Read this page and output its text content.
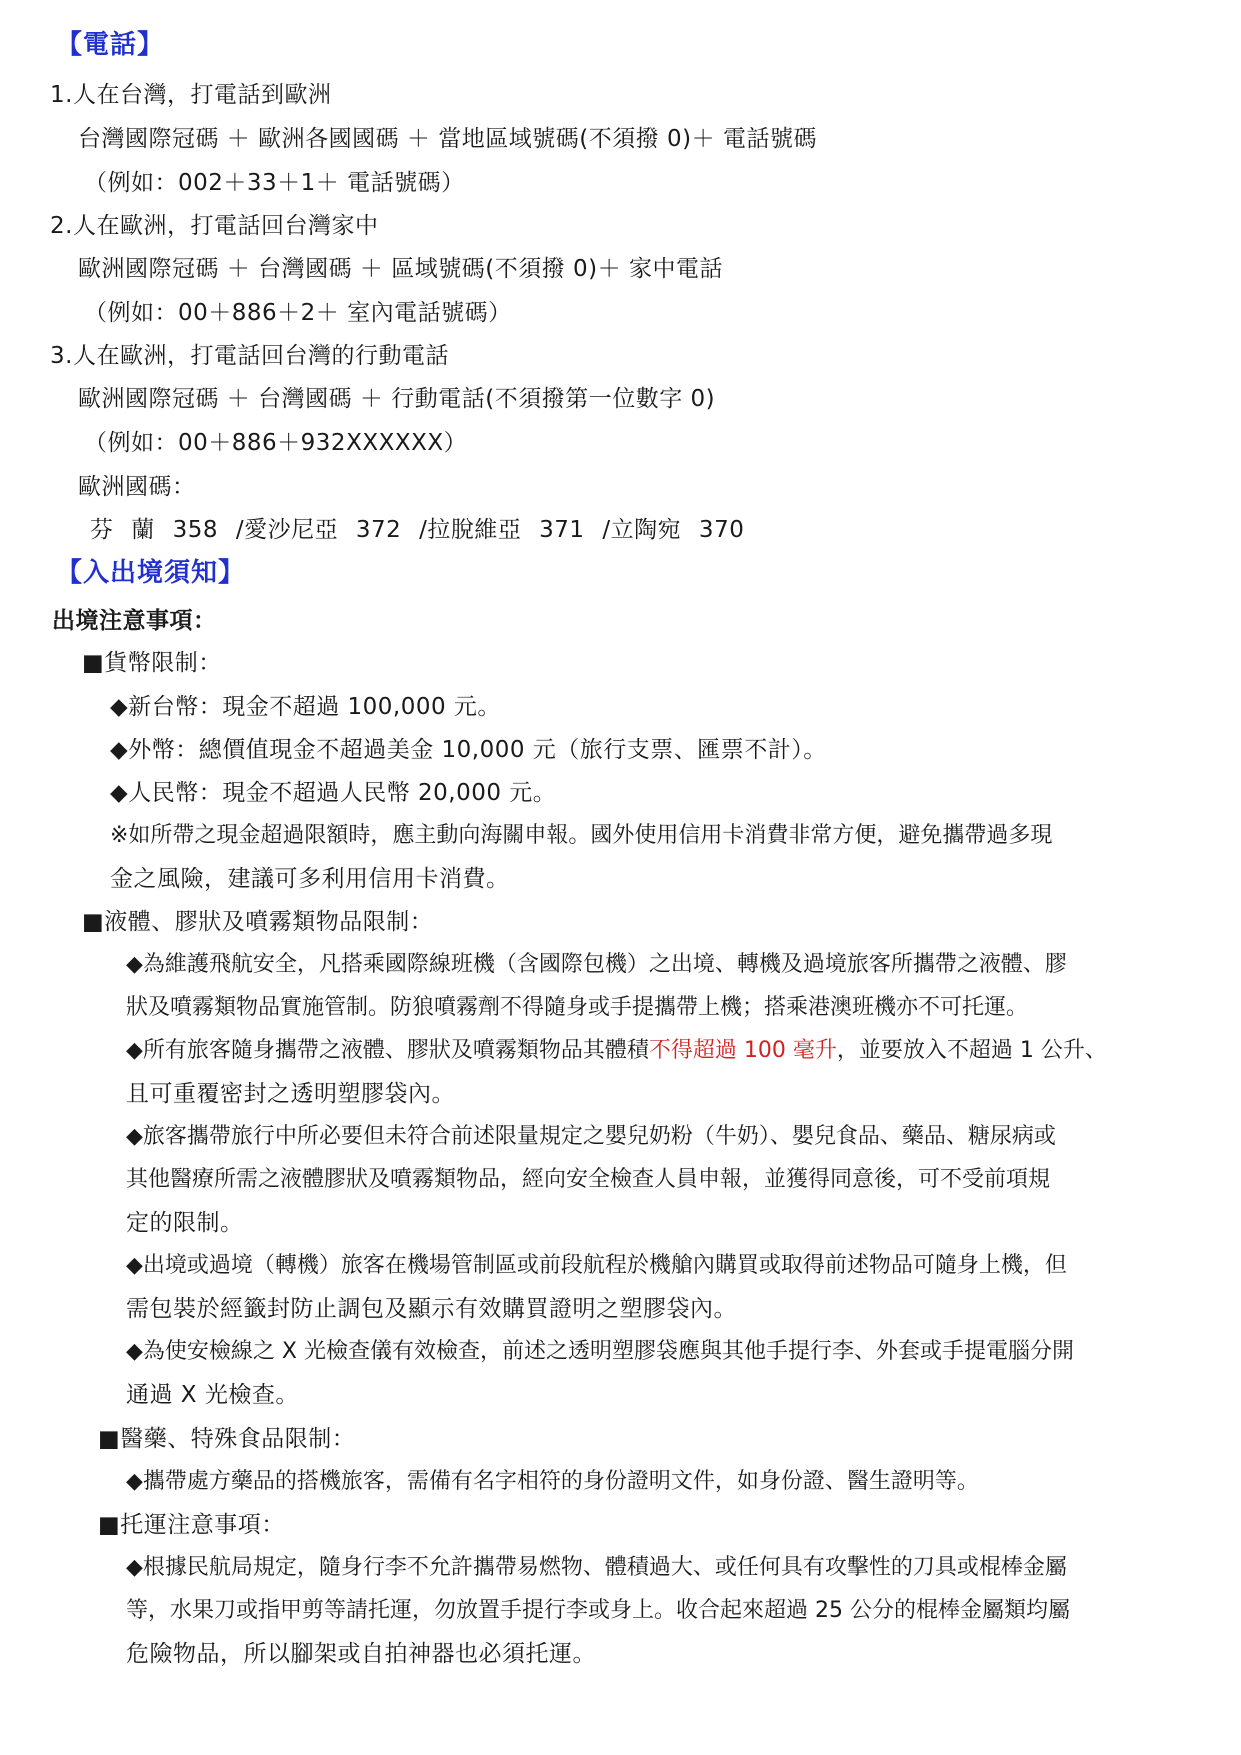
【電話】
1.人在台灣，打電話到歐洲
台灣國際冠碼 ＋ 歐洲各國國碼 ＋ 當地區域號碼(不須撥 0)＋ 電話號碼
（例如：002＋33＋1＋ 電話號碼）
2.人在歐洲，打電話回台灣家中
歐洲國際冠碼 ＋ 台灣國碼 ＋ 區域號碼(不須撥 0)＋ 家中電話
（例如：00＋886＋2＋ 室內電話號碼）
3.人在歐洲，打電話回台灣的行動電話
歐洲國際冠碼 ＋ 台灣國碼 ＋ 行動電話(不須撥第一位數字 0)
（例如：00＋886＋932XXXXXX）
歐洲國碼：
芬 蘭 358 /愛沙尼亞 372 /拉脫維亞 371 /立陶宛 370
【入出境須知】
出境注意事項：
■貨幣限制：
◆新台幣：現金不超過 100,000 元。
◆外幣：總價值現金不超過美金 10,000 元（旅行支票、匯票不計）。
◆人民幣：現金不超過人民幣 20,000 元。
※如所帶之現金超過限額時，應主動向海關申報。國外使用信用卡消費非常方便，避免攜帶過多現
金之風險，建議可多利用信用卡消費。
■液體、膠狀及噴霧類物品限制：
◆為維護飛航安全，凡搭乘國際線班機（含國際包機）之出境、轉機及過境旅客所攜帶之液體、膠
狀及噴霧類物品實施管制。防狼噴霧劑不得隨身或手提攜帶上機；搭乘港澳班機亦不可托運。
◆所有旅客隨身攜帶之液體、膠狀及噴霧類物品其體積不得超過 100 毫升，並要放入不超過 1 公升、
且可重覆密封之透明塑膠袋內。
◆旅客攜帶旅行中所必要但未符合前述限量規定之嬰兒奶粉（牛奶）、嬰兒食品、藥品、糖尿病或
其他醫療所需之液體膠狀及噴霧類物品，經向安全檢查人員申報，並獲得同意後，可不受前項規
定的限制。
◆出境或過境（轉機）旅客在機場管制區或前段航程於機艙內購買或取得前述物品可隨身上機，但
需包裝於經籤封防止調包及顯示有效購買證明之塑膠袋內。
◆為使安檢線之 X 光檢查儀有效檢查，前述之透明塑膠袋應與其他手提行李、外套或手提電腦分開
通過 X 光檢查。
■醫藥、特殊食品限制：
◆攜帶處方藥品的搭機旅客，需備有名字相符的身份證明文件，如身份證、醫生證明等。
■托運注意事項：
◆根據民航局規定，隨身行李不允許攜帶易燃物、體積過大、或任何具有攻擊性的刀具或棍棒金屬
等，水果刀或指甲剪等請托運，勿放置手提行李或身上。收合起來超過 25 公分的棍棒金屬類均屬
危險物品，所以腳架或自拍神器也必須托運。
